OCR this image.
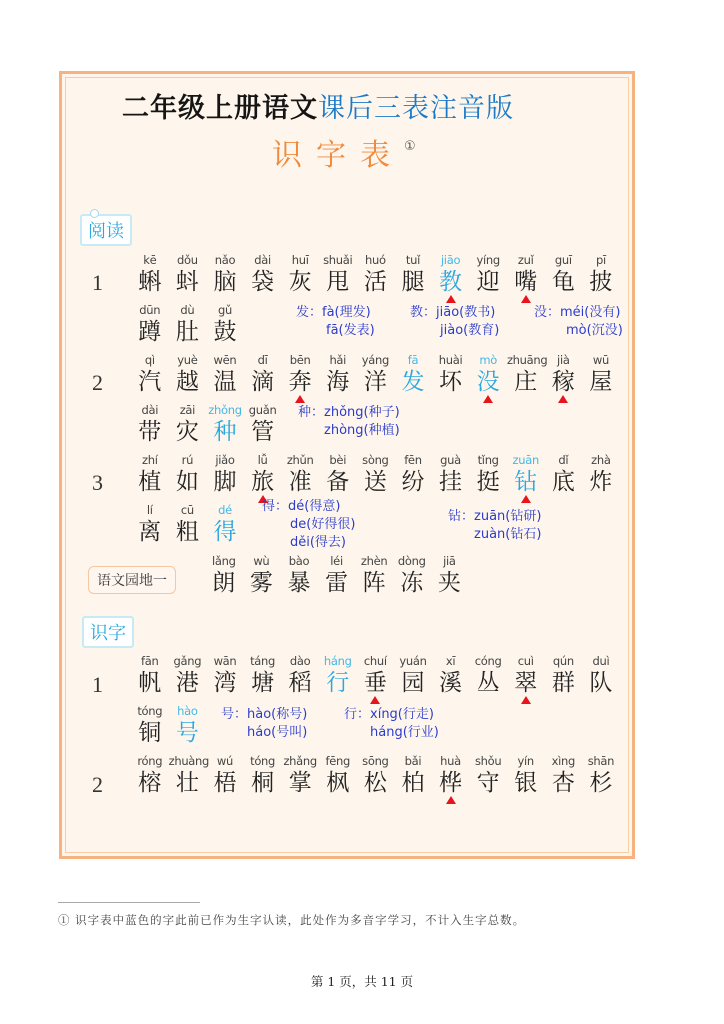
二年级上册语文课后三表注音版
识字表①
阅读
识字
1
kē
蝌
dǒu
蚪
nǎo
脑
dài
袋
huī
灰
shuǎi
甩
huó
活
tuǐ
腿
jiāo
教
yíng
迎
zuǐ
嘴
guī
龟
pī
披
dūn
蹲
dù
肚
gǔ
鼓
发：fà(理发)
fā(发表)
教：jiāo(教书)
jiào(教育)
没：méi(没有)
mò(沉没)
2
qì
汽
yuè
越
wēn
温
dī
滴
bēn
奔
hǎi
海
yáng
洋
fā
发
huài
坏
mò
没
zhuāng
庄
jià
稼
wū
屋
dài
带
zāi
灾
zhǒng
种
guǎn
管
种：zhǒng(种子)
zhòng(种植)
3
zhí
植
rú
如
jiǎo
脚
lǚ
旅
zhǔn
准
bèi
备
sòng
送
fēn
纷
guà
挂
tǐng
挺
zuān
钻
dǐ
底
zhà
炸
lí
离
cū
粗
dé
得
得：dé(得意)
de(好得很)
děi(得去)
钻：zuān(钻研)
zuàn(钻石)
语文园地一
lǎng
朗
wù
雾
bào
暴
léi
雷
zhèn
阵
dòng
冻
jiā
夹
1
fān
帆
gǎng
港
wān
湾
táng
塘
dào
稻
háng
行
chuí
垂
yuán
园
xī
溪
cóng
丛
cuì
翠
qún
群
duì
队
tóng
铜
hào
号
号：hào(称号)
háo(号叫)
行：xíng(行走)
háng(行业)
2
róng
榕
zhuàng
壮
wú
梧
tóng
桐
zhǎng
掌
fēng
枫
sōng
松
bǎi
柏
huà
桦
shǒu
守
yín
银
xìng
杏
shān
杉
① 识字表中蓝色的字此前已作为生字认读，此处作为多音字学习，不计入生字总数。
第 1 页，共 11 页
